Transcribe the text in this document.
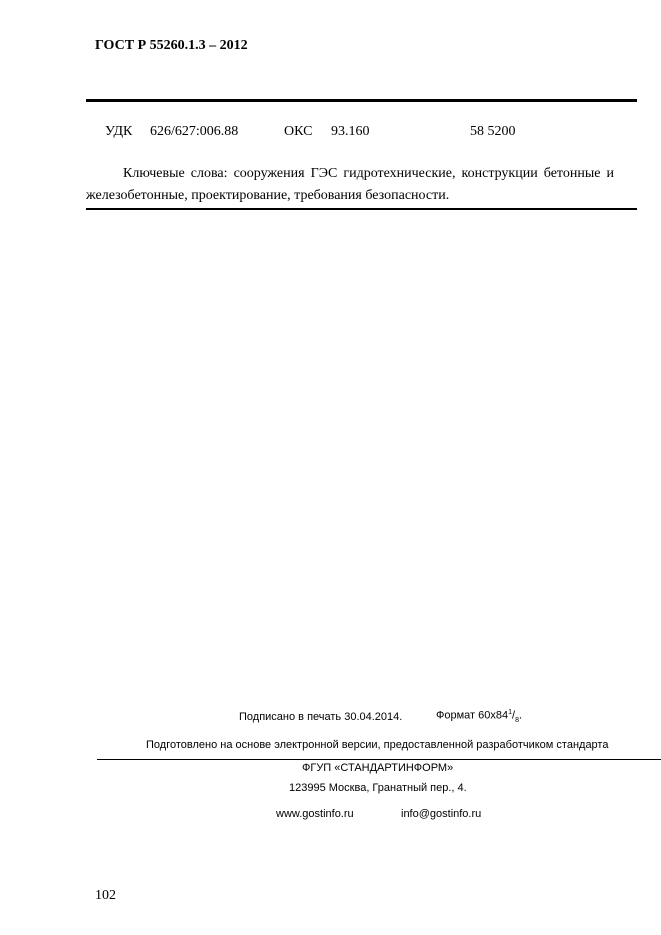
ГОСТ Р 55260.1.3 – 2012
УДК 626/627:006.88	ОКС 93.160	58 5200
Ключевые слова: сооружения ГЭС гидротехнические, конструкции бетонные и железобетонные, проектирование, требования безопасности.
Подписано в печать 30.04.2014.	Формат $60x84^1/_8$.
Подготовлено на основе электронной версии, предоставленной разработчиком стандарта
ФГУП «СТАНДАРТИНФОРМ»
123995 Москва, Гранатный пер., 4.
www.gostinfo.ru	info@gostinfo.ru
102
